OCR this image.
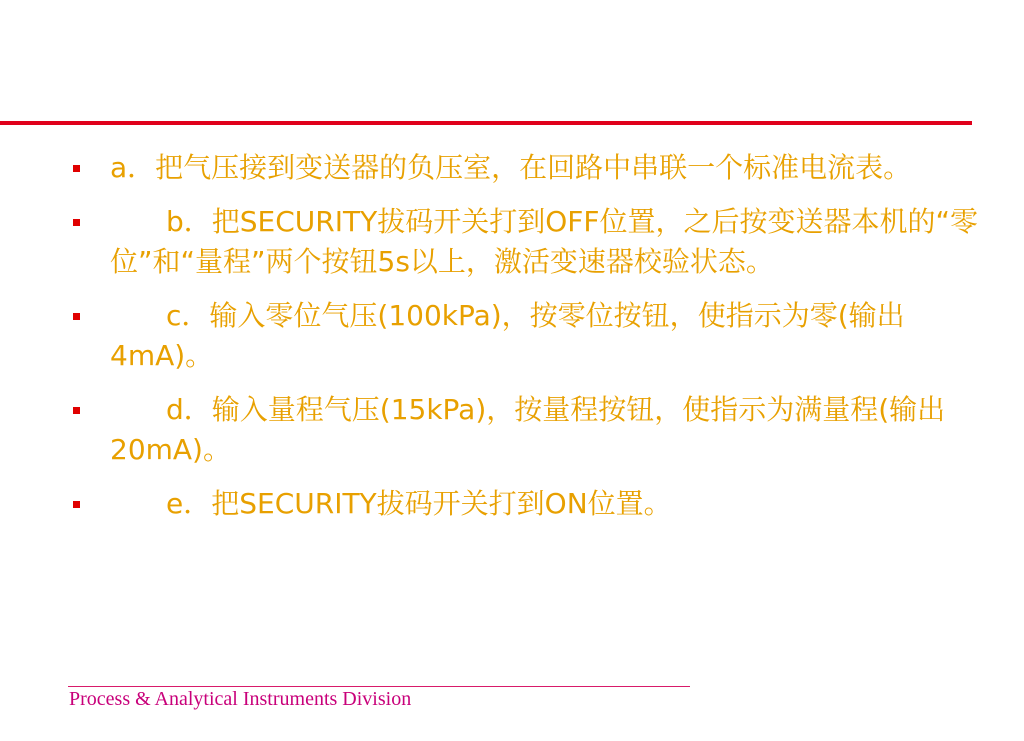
a．把气压接到变送器的负压室，在回路中串联一个标准电流表。
　　b．把SECURITY拔码开关打到OFF位置，之后按变送器本机的“零位”和“量程”两个按钮5s以上，激活变速器校验状态。
　　c．输入零位气压(100kPa)，按零位按钮，使指示为零(输出4mA)。
　　d．输入量程气压(15kPa)，按量程按钮，使指示为满量程(输出20mA)。
　　e．把SECURITY拔码开关打到ON位置。
Process & Analytical Instruments Division
